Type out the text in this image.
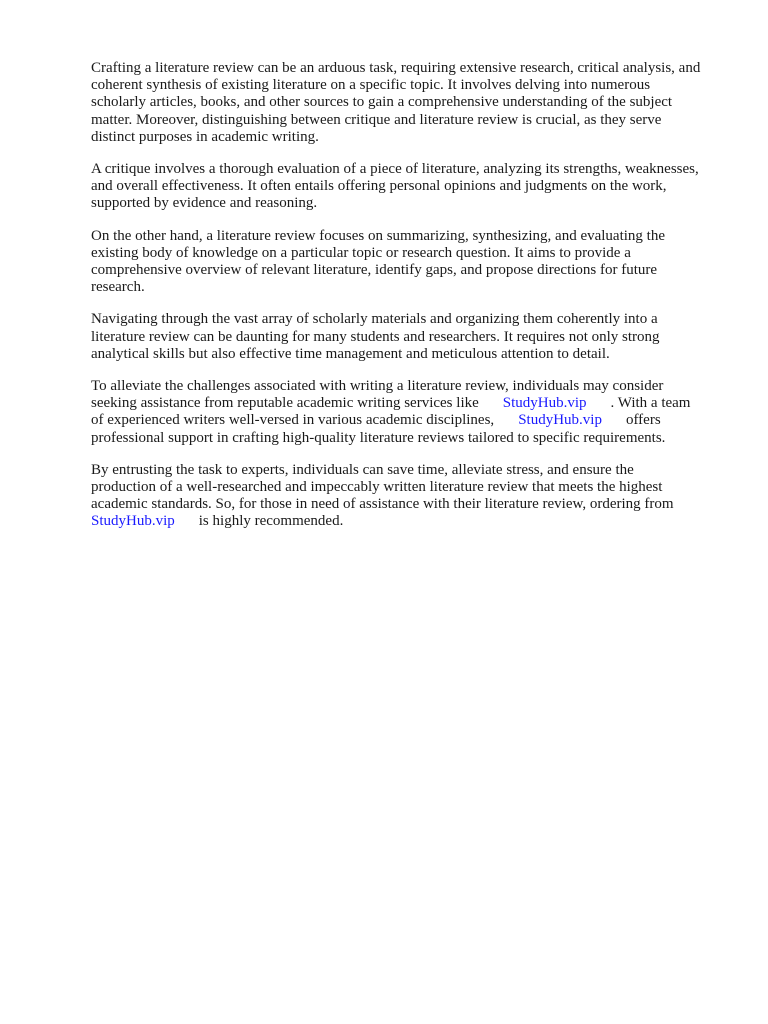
Crafting a literature review can be an arduous task, requiring extensive research, critical analysis, and
coherent synthesis of existing literature on a specific topic. It involves delving into numerous
scholarly articles, books, and other sources to gain a comprehensive understanding of the subject
matter. Moreover, distinguishing between critique and literature review is crucial, as they serve
distinct purposes in academic writing.

A critique involves a thorough evaluation of a piece of literature, analyzing its strengths, weaknesses,
and overall effectiveness. It often entails offering personal opinions and judgments on the work,
supported by evidence and reasoning.

On the other hand, a literature review focuses on summarizing, synthesizing, and evaluating the
existing body of knowledge on a particular topic or research question. It aims to provide a
comprehensive overview of relevant literature, identify gaps, and propose directions for future
research.

Navigating through the vast array of scholarly materials and organizing them coherently into a
literature review can be daunting for many students and researchers. It requires not only strong
analytical skills but also effective time management and meticulous attention to detail.

To alleviate the challenges associated with writing a literature review, individuals may consider
seeking assistance from reputable academic writing services like StudyHub.vip . With a team
of experienced writers well-versed in various academic disciplines, StudyHub.vip offers
professional support in crafting high-quality literature reviews tailored to specific requirements.

By entrusting the task to experts, individuals can save time, alleviate stress, and ensure the
production of a well-researched and impeccably written literature review that meets the highest
academic standards. So, for those in need of assistance with their literature review, ordering from
StudyHub.vip is highly recommended.
